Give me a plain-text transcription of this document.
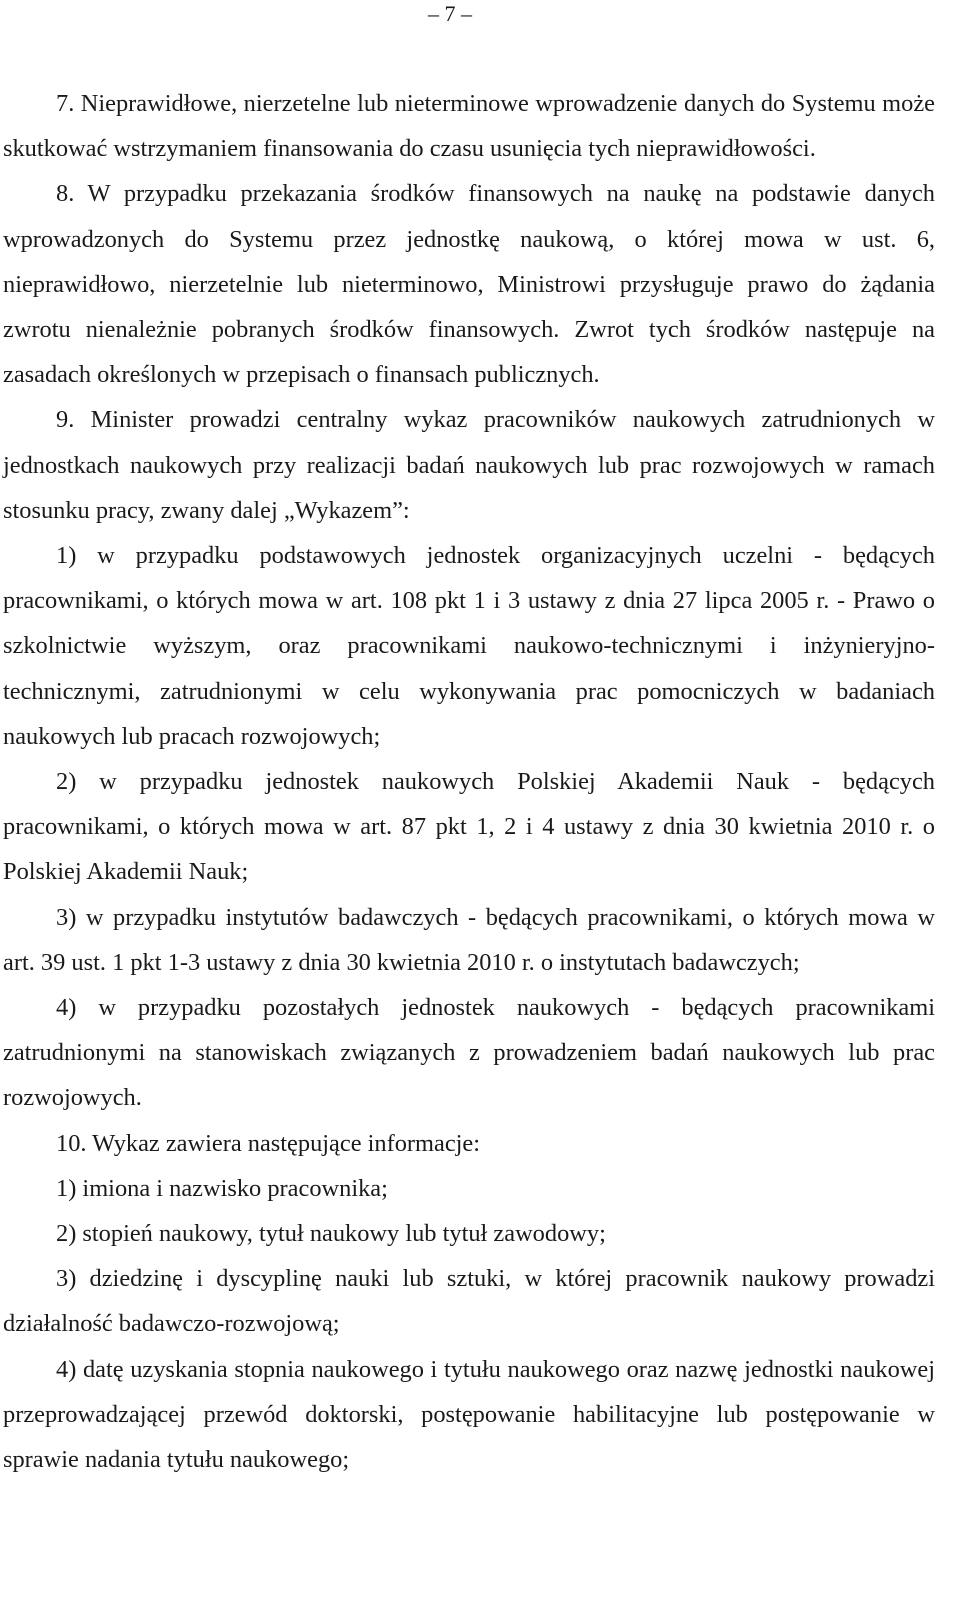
– 7 –

7. Nieprawidłowe, nierzetelne lub nieterminowe wprowadzenie danych do Systemu może skutkować wstrzymaniem finansowania do czasu usunięcia tych nieprawidłowości.

8. W przypadku przekazania środków finansowych na naukę na podstawie danych wprowadzonych do Systemu przez jednostkę naukową, o której mowa w ust. 6, nieprawidłowo, nierzetelnie lub nieterminowo, Ministrowi przysługuje prawo do żądania zwrotu nienależnie pobranych środków finansowych. Zwrot tych środków następuje na zasadach określonych w przepisach o finansach publicznych.

9. Minister prowadzi centralny wykaz pracowników naukowych zatrudnionych w jednostkach naukowych przy realizacji badań naukowych lub prac rozwojowych w ramach stosunku pracy, zwany dalej „Wykazem”:

1) w przypadku podstawowych jednostek organizacyjnych uczelni - będących pracownikami, o których mowa w art. 108 pkt 1 i 3 ustawy z dnia 27 lipca 2005 r. - Prawo o szkolnictwie wyższym, oraz pracownikami naukowo-technicznymi i inżynieryjno-technicznymi, zatrudnionymi w celu wykonywania prac pomocniczych w badaniach naukowych lub pracach rozwojowych;

2) w przypadku jednostek naukowych Polskiej Akademii Nauk - będących pracownikami, o których mowa w art. 87 pkt 1, 2 i 4 ustawy z dnia 30 kwietnia 2010 r. o Polskiej Akademii Nauk;

3) w przypadku instytutów badawczych - będących pracownikami, o których mowa w art. 39 ust. 1 pkt 1-3 ustawy z dnia 30 kwietnia 2010 r. o instytutach badawczych;

4) w przypadku pozostałych jednostek naukowych - będących pracownikami zatrudnionymi na stanowiskach związanych z prowadzeniem badań naukowych lub prac rozwojowych.

10. Wykaz zawiera następujące informacje:

1) imiona i nazwisko pracownika;

2) stopień naukowy, tytuł naukowy lub tytuł zawodowy;

3) dziedzinę i dyscyplinę nauki lub sztuki, w której pracownik naukowy prowadzi działalność badawczo-rozwojową;

4) datę uzyskania stopnia naukowego i tytułu naukowego oraz nazwę jednostki naukowej przeprowadzającej przewód doktorski, postępowanie habilitacyjne lub postępowanie w sprawie nadania tytułu naukowego;
